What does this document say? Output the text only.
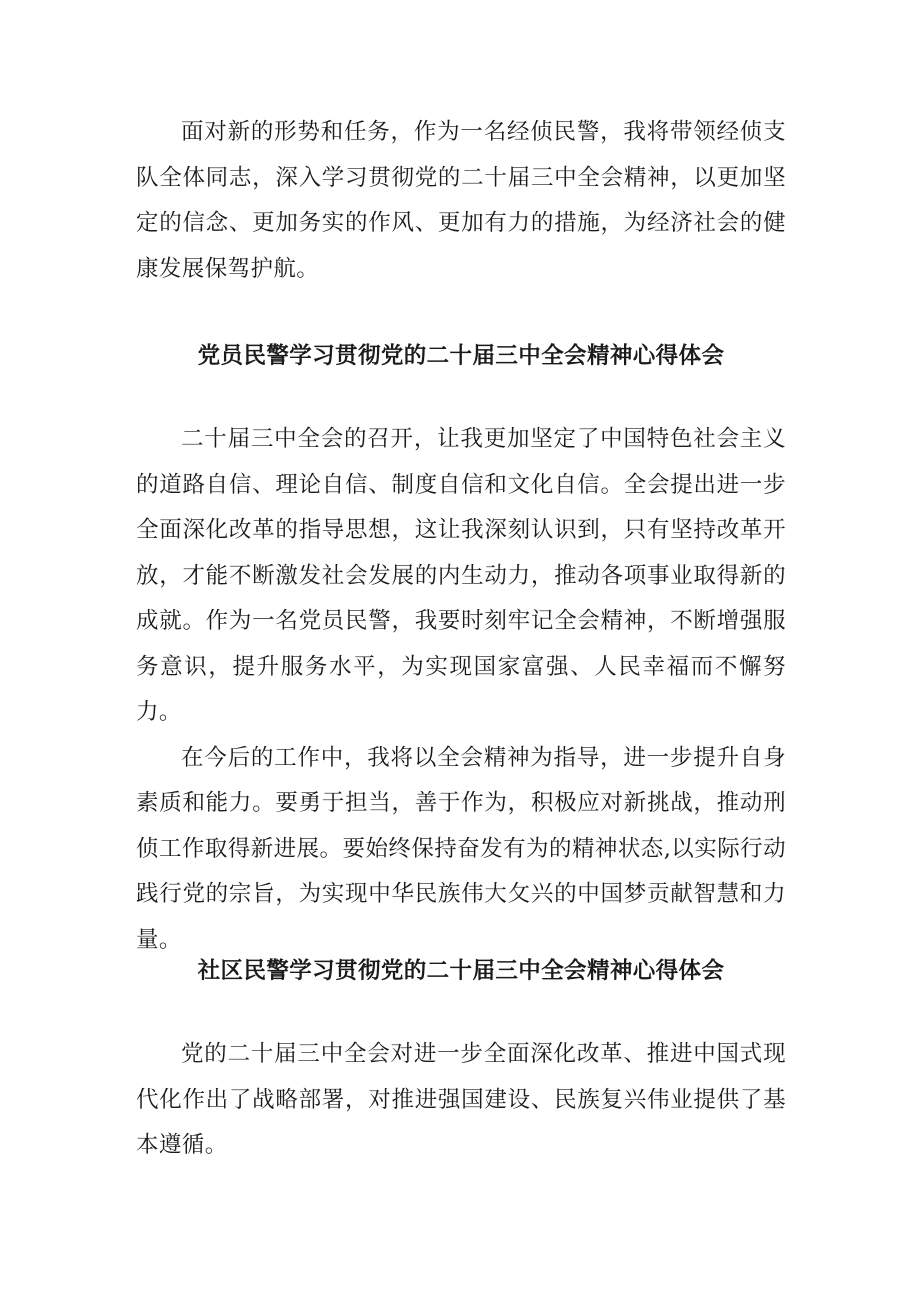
面对新的形势和任务，作为一名经侦民警，我将带领经侦支队全体同志，深入学习贯彻党的二十届三中全会精神，以更加坚定的信念、更加务实的作风、更加有力的措施，为经济社会的健康发展保驾护航。

党员民警学习贯彻党的二十届三中全会精神心得体会

二十届三中全会的召开，让我更加坚定了中国特色社会主义的道路自信、理论自信、制度自信和文化自信。全会提出进一步全面深化改革的指导思想，这让我深刻认识到，只有坚持改革开放，才能不断激发社会发展的内生动力，推动各项事业取得新的成就。作为一名党员民警，我要时刻牢记全会精神，不断增强服务意识，提升服务水平，为实现国家富强、人民幸福而不懈努力。

在今后的工作中，我将以全会精神为指导，进一步提升自身素质和能力。要勇于担当，善于作为，积极应对新挑战，推动刑侦工作取得新进展。要始终保持奋发有为的精神状态,以实际行动践行党的宗旨，为实现中华民族伟大攵兴的中国梦贡献智慧和力量。

社区民警学习贯彻党的二十届三中全会精神心得体会

党的二十届三中全会对进一步全面深化改革、推进中国式现代化作出了战略部署，对推进强国建设、民族复兴伟业提供了基本遵循。
